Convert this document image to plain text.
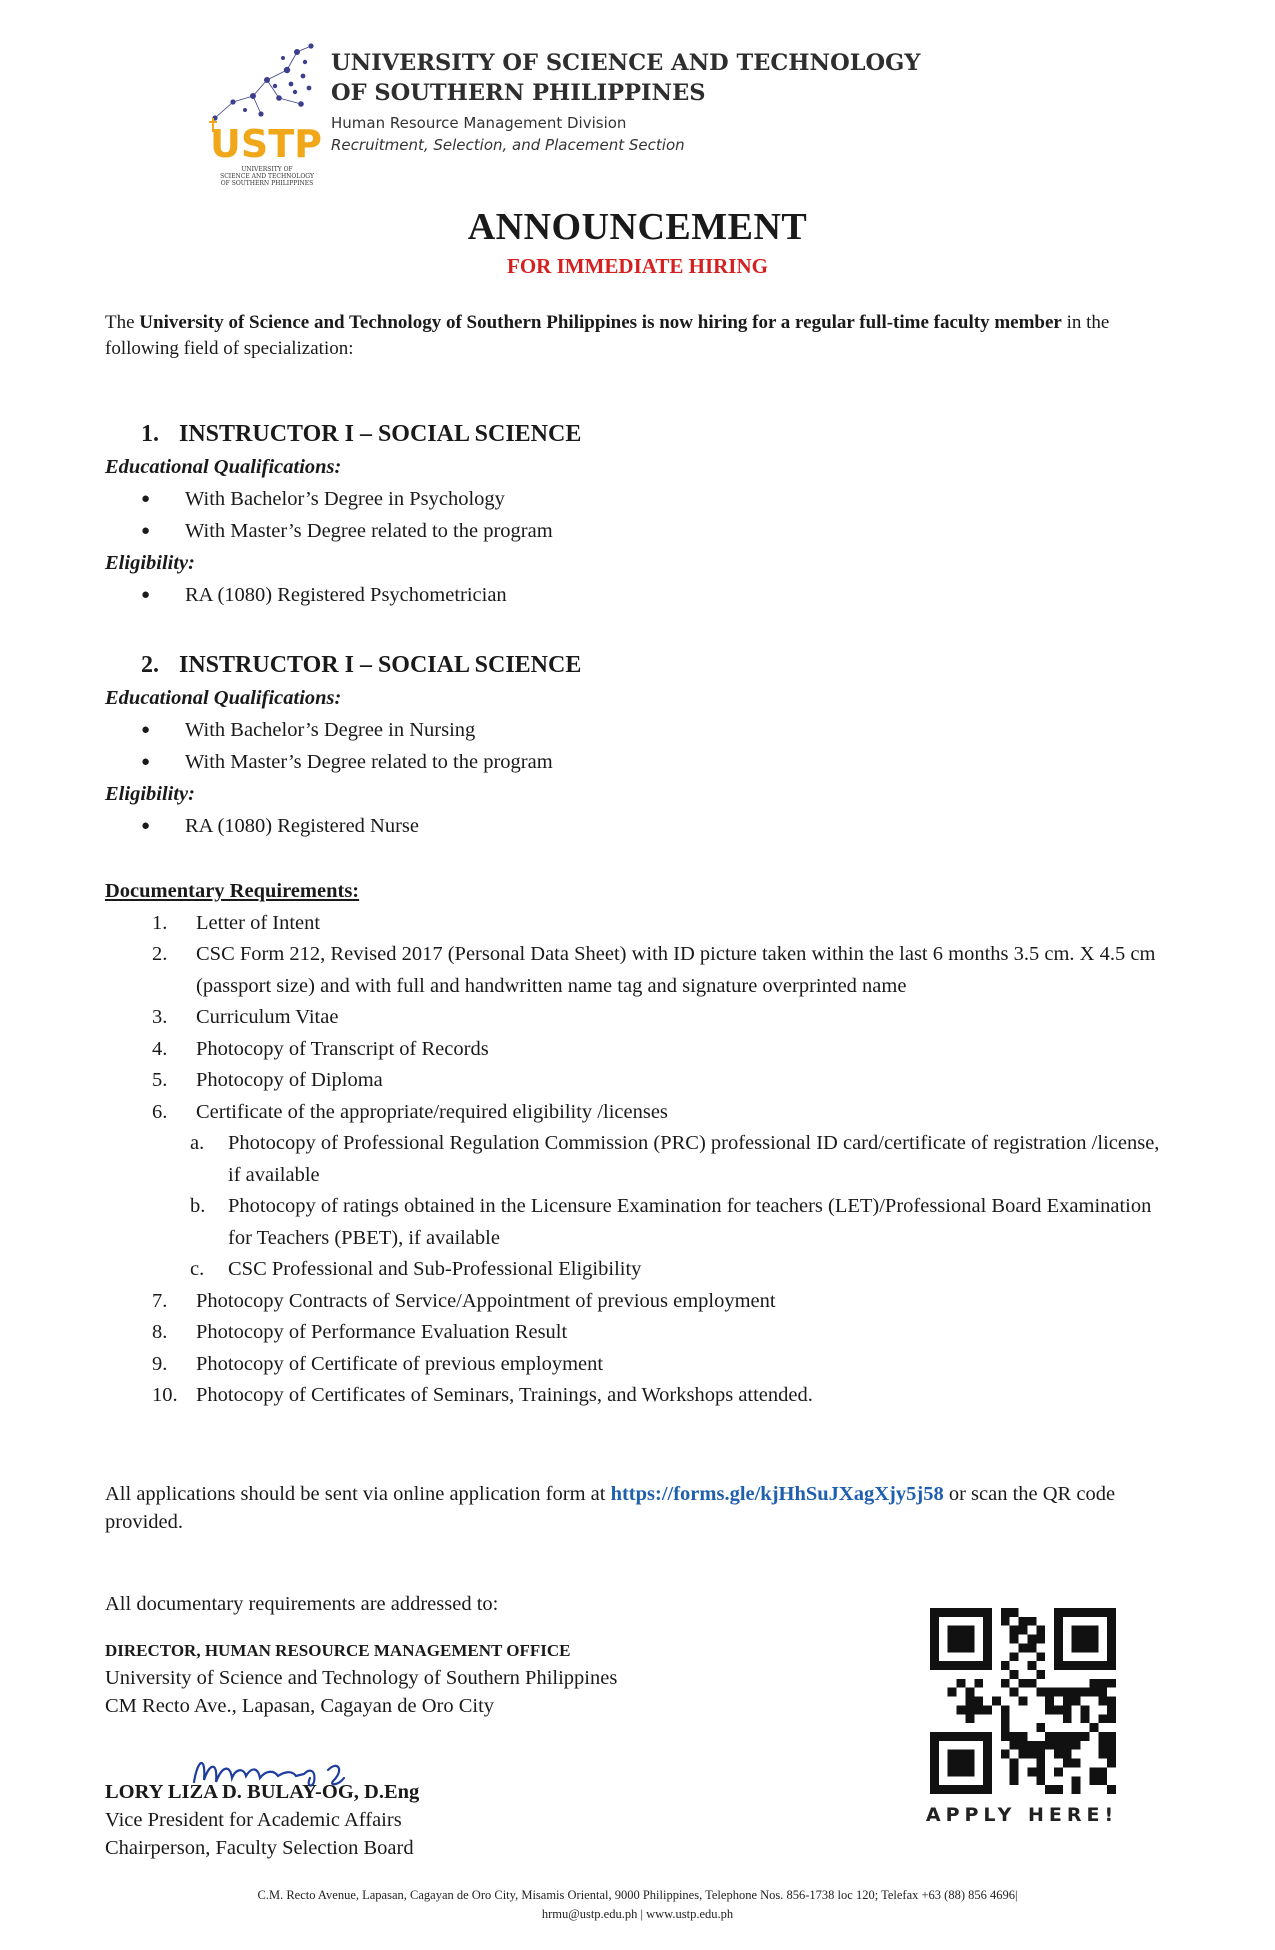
USTP
UNIVERSITY OF
SCIENCE AND TECHNOLOGY
OF SOUTHERN PHILIPPINES
UNIVERSITY OF SCIENCE AND TECHNOLOGY
OF SOUTHERN PHILIPPINES
Human Resource Management Division
Recruitment, Selection, and Placement Section
ANNOUNCEMENT
FOR IMMEDIATE HIRING
The University of Science and Technology of Southern Philippines is now hiring for a regular full-time faculty member in the following field of specialization:
1. INSTRUCTOR I – SOCIAL SCIENCE
Educational Qualifications:
●	With Bachelor’s Degree in Psychology
●	With Master’s Degree related to the program
Eligibility:
●	RA (1080) Registered Psychometrician
2. INSTRUCTOR I – SOCIAL SCIENCE
Educational Qualifications:
●	With Bachelor’s Degree in Nursing
●	With Master’s Degree related to the program
Eligibility:
●	RA (1080) Registered Nurse
Documentary Requirements:
1.	Letter of Intent
2.	CSC Form 212, Revised 2017 (Personal Data Sheet) with ID picture taken within the last 6 months 3.5 cm. X 4.5 cm (passport size) and with full and handwritten name tag and signature overprinted name
3.	Curriculum Vitae
4.	Photocopy of Transcript of Records
5.	Photocopy of Diploma
6.	Certificate of the appropriate/required eligibility /licenses
a.	Photocopy of Professional Regulation Commission (PRC) professional ID card/certificate of registration /license, if available
b.	Photocopy of ratings obtained in the Licensure Examination for teachers (LET)/Professional Board Examination for Teachers (PBET), if available
c.	CSC Professional and Sub-Professional Eligibility
7.	Photocopy Contracts of Service/Appointment of previous employment
8.	Photocopy of Performance Evaluation Result
9.	Photocopy of Certificate of previous employment
10. Photocopy of Certificates of Seminars, Trainings, and Workshops attended.
All applications should be sent via online application form at https://forms.gle/kjHhSuJXagXjy5j58 or scan the QR code provided.
All documentary requirements are addressed to:
DIRECTOR, HUMAN RESOURCE MANAGEMENT OFFICE
University of Science and Technology of Southern Philippines
CM Recto Ave., Lapasan, Cagayan de Oro City
LORY LIZA D. BULAY-OG, D.Eng
Vice President for Academic Affairs
Chairperson, Faculty Selection Board
APPLY HERE!
C.M. Recto Avenue, Lapasan, Cagayan de Oro City, Misamis Oriental, 9000 Philippines, Telephone Nos. 856-1738 loc 120; Telefax +63 (88) 856 4696|
hrmu@ustp.edu.ph | www.ustp.edu.ph
